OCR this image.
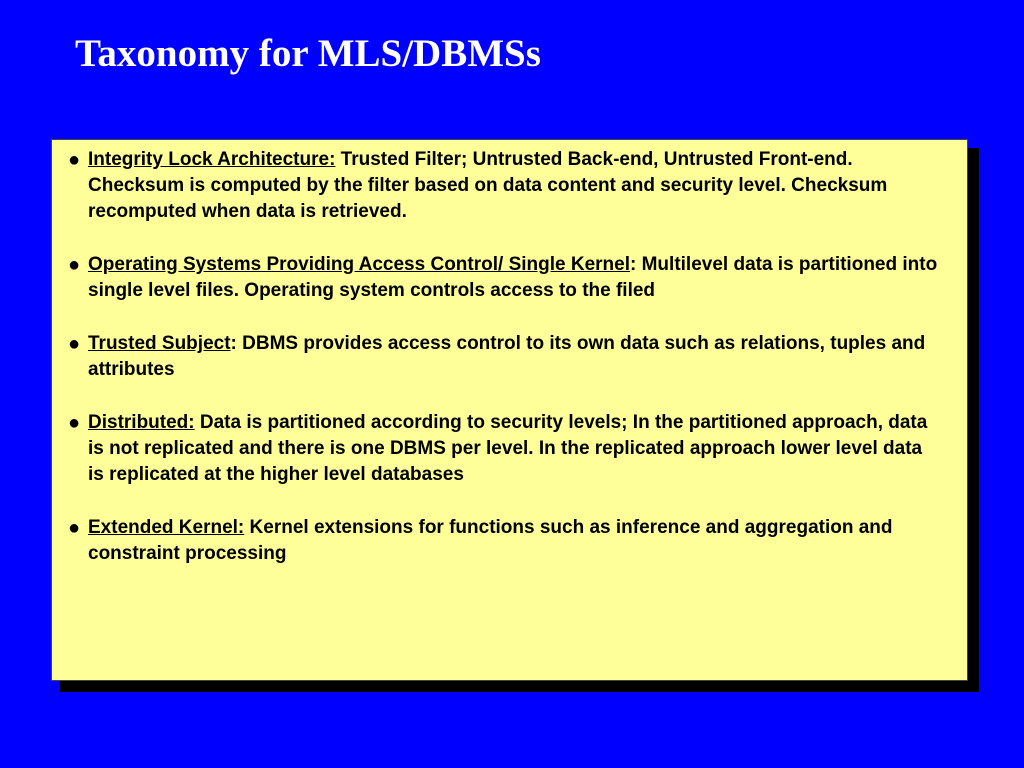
Taxonomy for MLS/DBMSs
● Integrity Lock Architecture: Trusted Filter; Untrusted Back-end, Untrusted Front-end. Checksum is computed by the filter based on data content and security level. Checksum recomputed when data is retrieved.
● Operating Systems Providing Access Control/ Single Kernel: Multilevel data is partitioned into single level files. Operating system controls access to the filed
● Trusted Subject: DBMS provides access control to its own data such as relations, tuples and attributes
● Distributed: Data is partitioned according to security levels; In the partitioned approach, data is not replicated and there is one DBMS per level. In the replicated approach lower level data is replicated at the higher level databases
● Extended Kernel: Kernel extensions for functions such as inference and aggregation and constraint processing
